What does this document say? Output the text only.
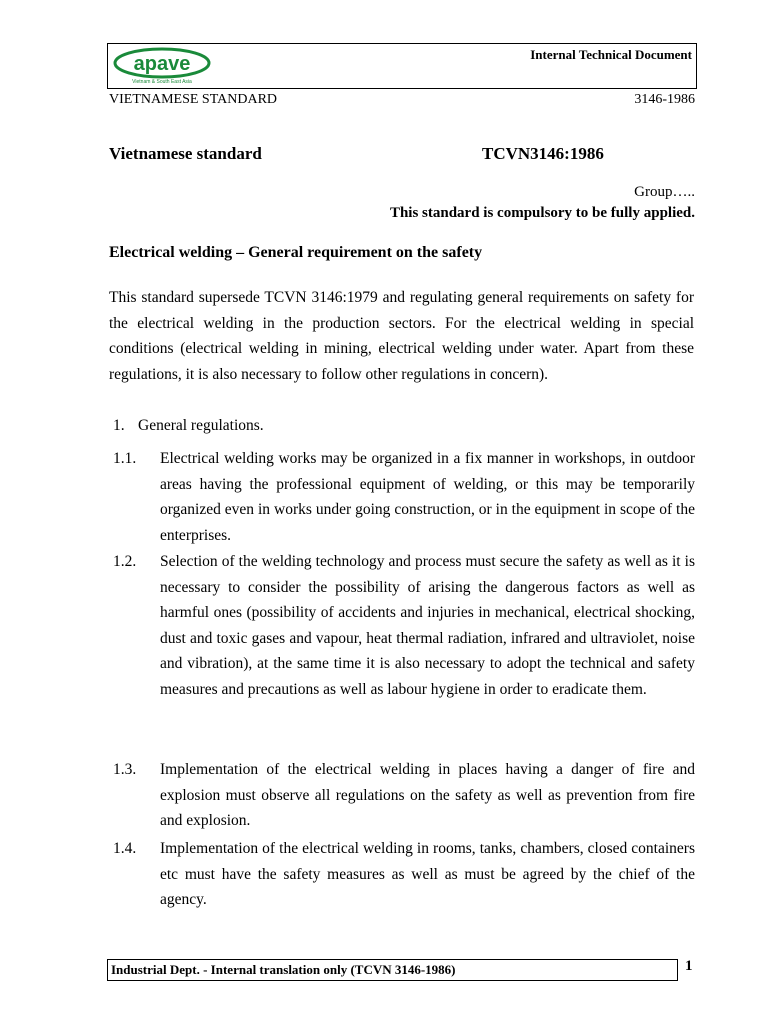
apave
Vietnam & South East Asia
Internal Technical Document
VIETNAMESE STANDARD	3146-1986
Vietnamese standard	TCVN3146:1986
Group…..
This standard is compulsory to be fully applied.
Electrical welding – General requirement on the safety

This standard supersede TCVN 3146:1979 and regulating general requirements on safety for the electrical welding in the production sectors. For the electrical welding in special conditions (electrical welding in mining, electrical welding under water. Apart from these regulations, it is also necessary to follow other regulations in concern).

1. General regulations.
1.1. Electrical welding works may be organized in a fix manner in workshops, in outdoor areas having the professional equipment of welding, or this may be temporarily organized even in works under going construction, or in the equipment in scope of the enterprises.
1.2. Selection of the welding technology and process must secure the safety as well as it is necessary to consider the possibility of arising the dangerous factors as well as harmful ones (possibility of accidents and injuries in mechanical, electrical shocking, dust and toxic gases and vapour, heat thermal radiation, infrared and ultraviolet, noise and vibration), at the same time it is also necessary to adopt the technical and safety measures and precautions as well as labour hygiene in order to eradicate them.
1.3. Implementation of the electrical welding in places having a danger of fire and explosion must observe all regulations on the safety as well as prevention from fire and explosion.
1.4. Implementation of the electrical welding in rooms, tanks, chambers, closed containers etc must have the safety measures as well as must be agreed by the chief of the agency.
Industrial Dept. - Internal translation only (TCVN 3146-1986)	1
